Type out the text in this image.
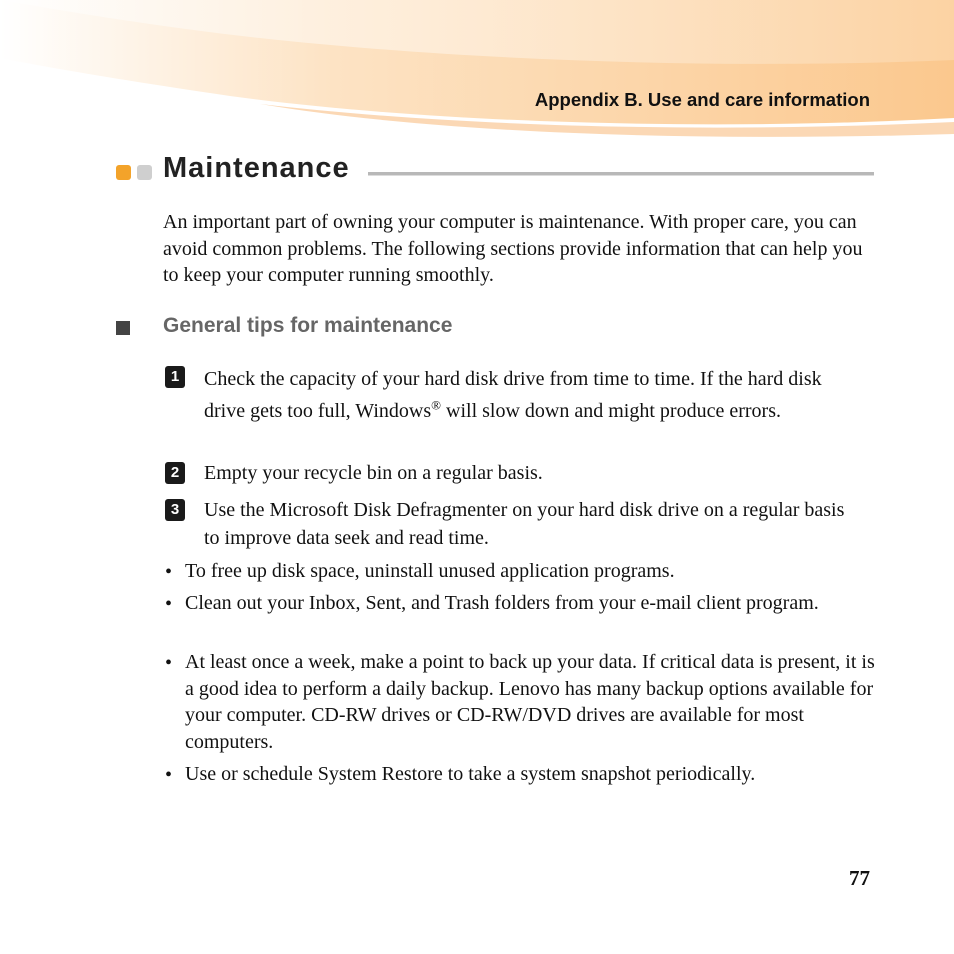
Appendix B. Use and care information
Maintenance

An important part of owning your computer is maintenance. With proper care, you can avoid common problems. The following sections provide information that can help you to keep your computer running smoothly.

General tips for maintenance
1 Check the capacity of your hard disk drive from time to time. If the hard disk drive gets too full, Windows® will slow down and might produce errors.

2 Empty your recycle bin on a regular basis.

3 Use the Microsoft Disk Defragmenter on your hard disk drive on a regular basis to improve data seek and read time.

• To free up disk space, uninstall unused application programs.

• Clean out your Inbox, Sent, and Trash folders from your e-mail client program.

• At least once a week, make a point to back up your data. If critical data is present, it is a good idea to perform a daily backup. Lenovo has many backup options available for your computer. CD-RW drives or CD-RW/DVD drives are available for most computers.

• Use or schedule System Restore to take a system snapshot periodically.

77
